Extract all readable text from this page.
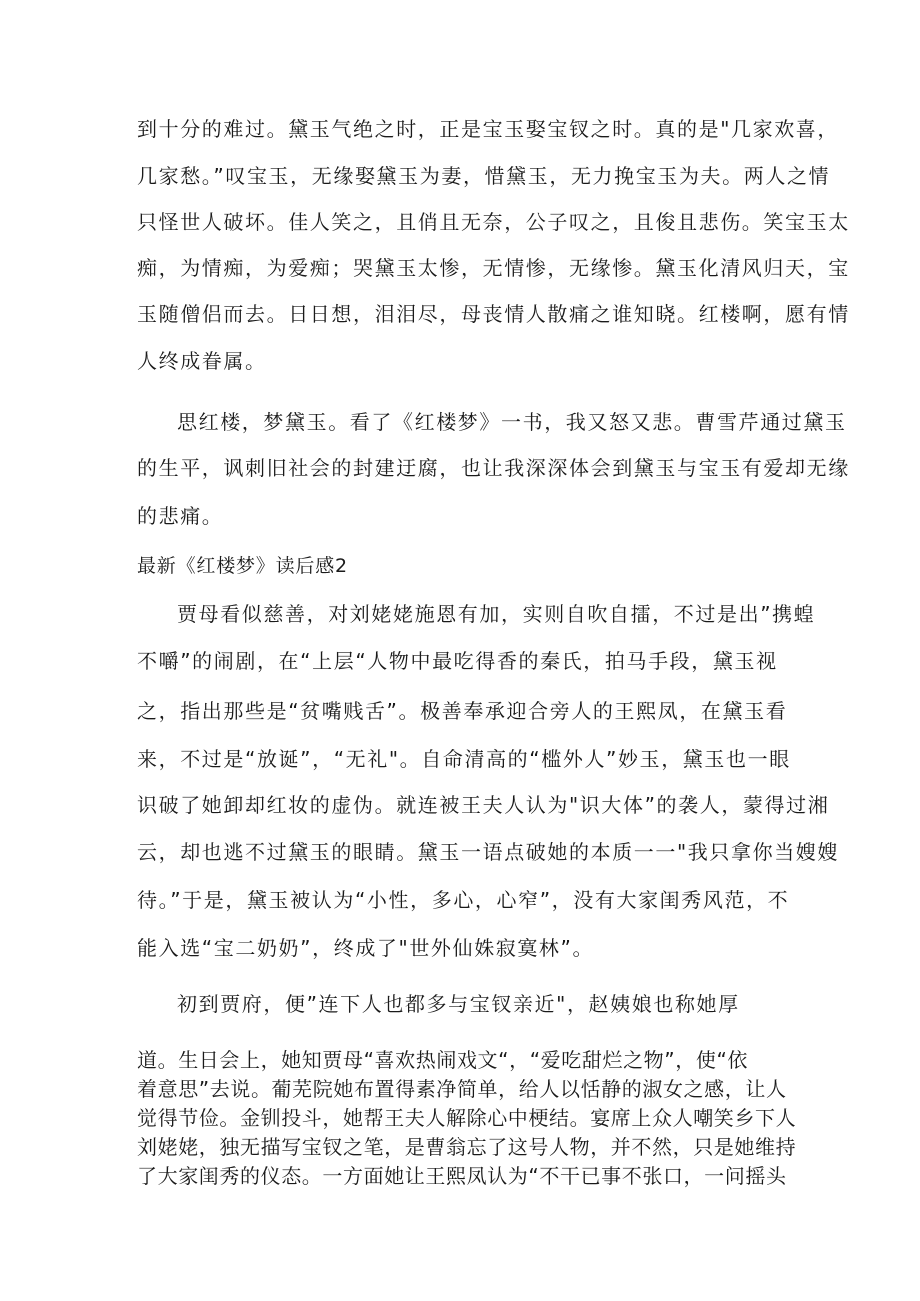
到十分的难过。黛玉气绝之时，正是宝玉娶宝钗之时。真的是"几家欢喜，
几家愁。”叹宝玉，无缘娶黛玉为妻，惜黛玉，无力挽宝玉为夫。两人之情
只怪世人破坏。佳人笑之，且俏且无奈，公子叹之，且俊且悲伤。笑宝玉太
痴，为情痴，为爱痴；哭黛玉太惨，无情惨，无缘惨。黛玉化清风归天，宝
玉随僧侣而去。日日想，泪泪尽，母丧情人散痛之谁知晓。红楼啊，愿有情
人终成眷属。
思红楼，梦黛玉。看了《红楼梦》一书，我又怒又悲。曹雪芹通过黛玉
的生平，讽刺旧社会的封建迂腐，也让我深深体会到黛玉与宝玉有爱却无缘
的悲痛。
最新《红楼梦》读后感2
贾母看似慈善，对刘姥姥施恩有加，实则自吹自擂，不过是出”携蝗
不嚼”的闹剧，在“上层“人物中最吃得香的秦氏，拍马手段，黛玉视
之，指出那些是“贫嘴贱舌”。极善奉承迎合旁人的王熙凤，在黛玉看
来，不过是“放诞”，“无礼"。自命清高的“槛外人”妙玉，黛玉也一眼
识破了她卸却红妆的虚伪。就连被王夫人认为"识大体”的袭人，蒙得过湘
云，却也逃不过黛玉的眼睛。黛玉一语点破她的本质一一"我只拿你当嫂嫂
待。”于是，黛玉被认为“小性，多心，心窄”，没有大家闺秀风范，不
能入选“宝二奶奶”，终成了"世外仙姝寂寞林”。
初到贾府，便”连下人也都多与宝钗亲近"，赵姨娘也称她厚
道。生日会上，她知贾母“喜欢热闹戏文“，“爱吃甜烂之物”，使“依
着意思”去说。葡芜院她布置得素净简单，给人以恬静的淑女之感，让人
觉得节俭。金钏投斗，她帮王夫人解除心中梗结。宴席上众人嘲笑乡下人
刘姥姥，独无描写宝钗之笔，是曹翁忘了这号人物，并不然，只是她维持
了大家闺秀的仪态。一方面她让王熙凤认为“不干已事不张口，一问摇头
